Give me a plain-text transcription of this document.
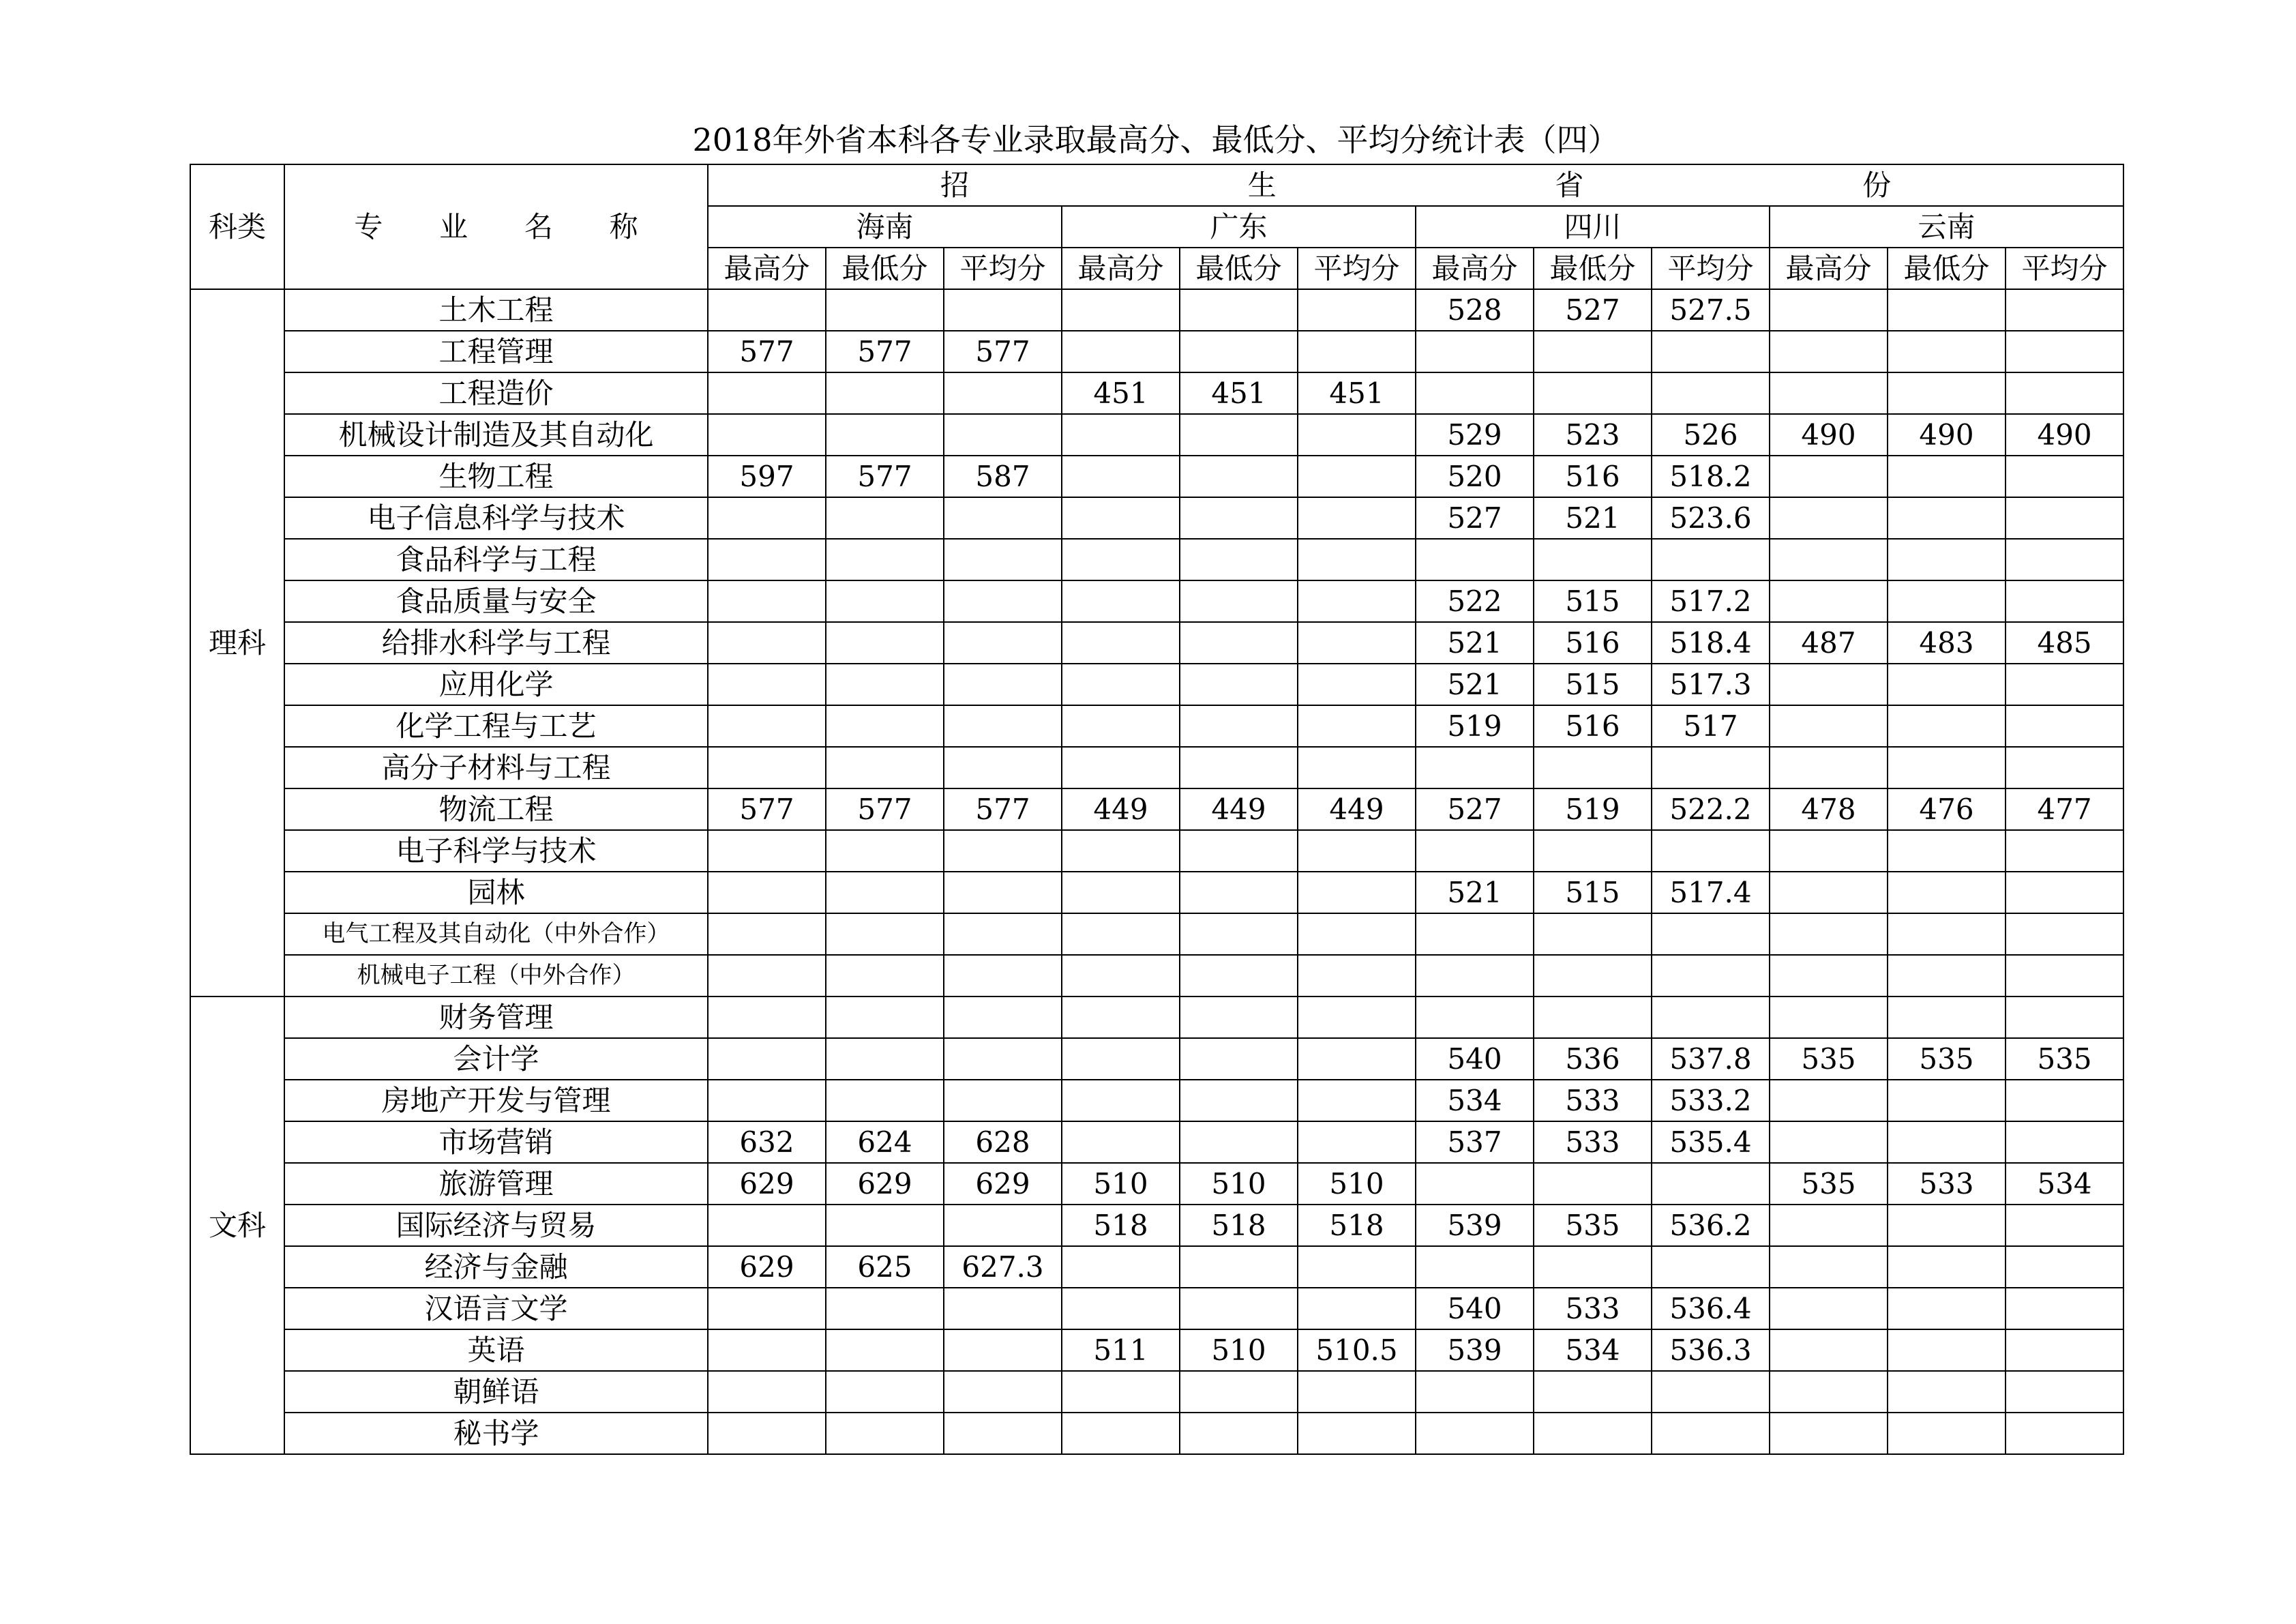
2018年外省本科各专业录取最高分、最低分、平均分统计表（四）
科类	专 业 名 称	招 生 省 份											

		海南			广东			四川			云南		
		最高分	最低分	平均分	最高分	最低分	平均分	最高分	最低分	平均分	最高分	最低分	平均分
理科	土木工程							528	527	527.5			
	工程管理	577	577	577									
	工程造价				451	451	451						
	机械设计制造及其自动化							529	523	526	490	490	490
	生物工程	597	577	587				520	516	518.2			
	电子信息科学与技术							527	521	523.6			
	食品科学与工程												
	食品质量与安全							522	515	517.2			
	给排水科学与工程							521	516	518.4	487	483	485
	应用化学							521	515	517.3			
	化学工程与工艺							519	516	517			
	高分子材料与工程												
	物流工程	577	577	577	449	449	449	527	519	522.2	478	476	477
	电子科学与技术												
	园林							521	515	517.4			
	电气工程及其自动化（中外合作）												
	机械电子工程（中外合作）												
文科	财务管理												
	会计学							540	536	537.8	535	535	535
	房地产开发与管理							534	533	533.2			
	市场营销	632	624	628				537	533	535.4			
	旅游管理	629	629	629	510	510	510				535	533	534
	国际经济与贸易				518	518	518	539	535	536.2			
	经济与金融	629	625	627.3									
	汉语言文学							540	533	536.4			
	英语				511	510	510.5	539	534	536.3			
	朝鲜语												
	秘书学												
